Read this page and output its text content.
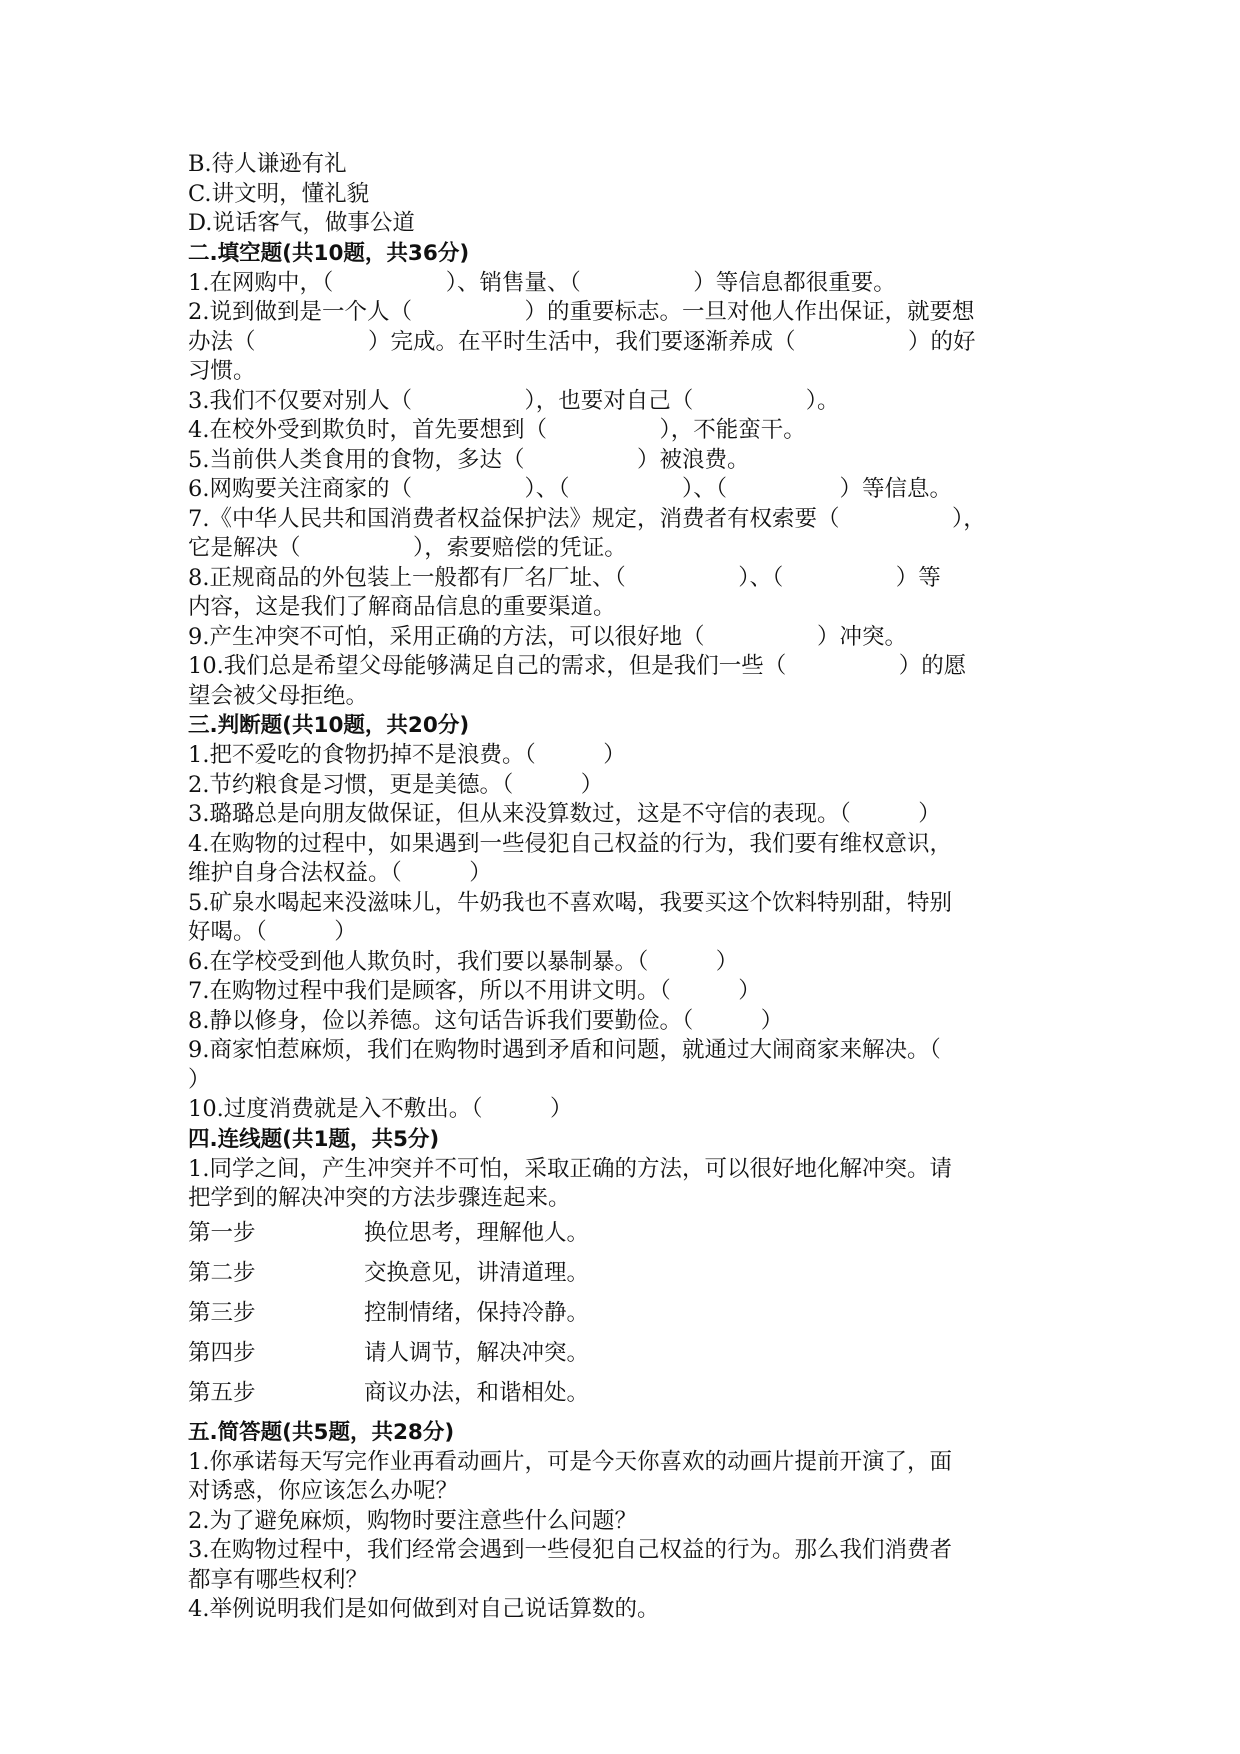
B.待人谦逊有礼

C.讲文明，懂礼貌

D.说话客气，做事公道

二.填空题(共10题，共36分)

1.在网购中，（　　　　　）、销售量、（　　　　　）等信息都很重要。

2.说到做到是一个人（　　　　　）的重要标志。一旦对他人作出保证，就要想

办法（　　　　　）完成。在平时生活中，我们要逐渐养成（　　　　　）的好

习惯。

3.我们不仅要对别人（　　　　　），也要对自己（　　　　　）。

4.在校外受到欺负时，首先要想到（　　　　　），不能蛮干。

5.当前供人类食用的食物，多达（　　　　　）被浪费。

6.网购要关注商家的（　　　　　）、（　　　　　）、（　　　　　）等信息。

7.《中华人民共和国消费者权益保护法》规定，消费者有权索要（　　　　　），

它是解决（　　　　　），索要赔偿的凭证。

8.正规商品的外包装上一般都有厂名厂址、（　　　　　）、（　　　　　）等

内容，这是我们了解商品信息的重要渠道。

9.产生冲突不可怕，采用正确的方法，可以很好地（　　　　　）冲突。

10.我们总是希望父母能够满足自己的需求，但是我们一些（　　　　　）的愿

望会被父母拒绝。

三.判断题(共10题，共20分)

1.把不爱吃的食物扔掉不是浪费。（　　　）

2.节约粮食是习惯，更是美德。（　　　）

3.璐璐总是向朋友做保证，但从来没算数过，这是不守信的表现。（　　　）

4.在购物的过程中，如果遇到一些侵犯自己权益的行为，我们要有维权意识，

维护自身合法权益。（　　　）

5.矿泉水喝起来没滋味儿，牛奶我也不喜欢喝，我要买这个饮料特别甜，特别

好喝。（　　　）

6.在学校受到他人欺负时，我们要以暴制暴。（　　　）

7.在购物过程中我们是顾客，所以不用讲文明。（　　　）

8.静以修身，俭以养德。这句话告诉我们要勤俭。（　　　）

9.商家怕惹麻烦，我们在购物时遇到矛盾和问题，就通过大闹商家来解决。（

）

10.过度消费就是入不敷出。（　　　）

四.连线题(共1题，共5分)

1.同学之间，产生冲突并不可怕，采取正确的方法，可以很好地化解冲突。请

把学到的解决冲突的方法步骤连起来。

第一步	换位思考，理解他人。
第二步	交换意见，讲清道理。
第三步	控制情绪，保持冷静。
第四步	请人调节，解决冲突。
第五步	商议办法，和谐相处。

五.简答题(共5题，共28分)

1.你承诺每天写完作业再看动画片，可是今天你喜欢的动画片提前开演了，面

对诱惑，你应该怎么办呢？

2.为了避免麻烦，购物时要注意些什么问题？

3.在购物过程中，我们经常会遇到一些侵犯自己权益的行为。那么我们消费者

都享有哪些权利？

4.举例说明我们是如何做到对自己说话算数的。
